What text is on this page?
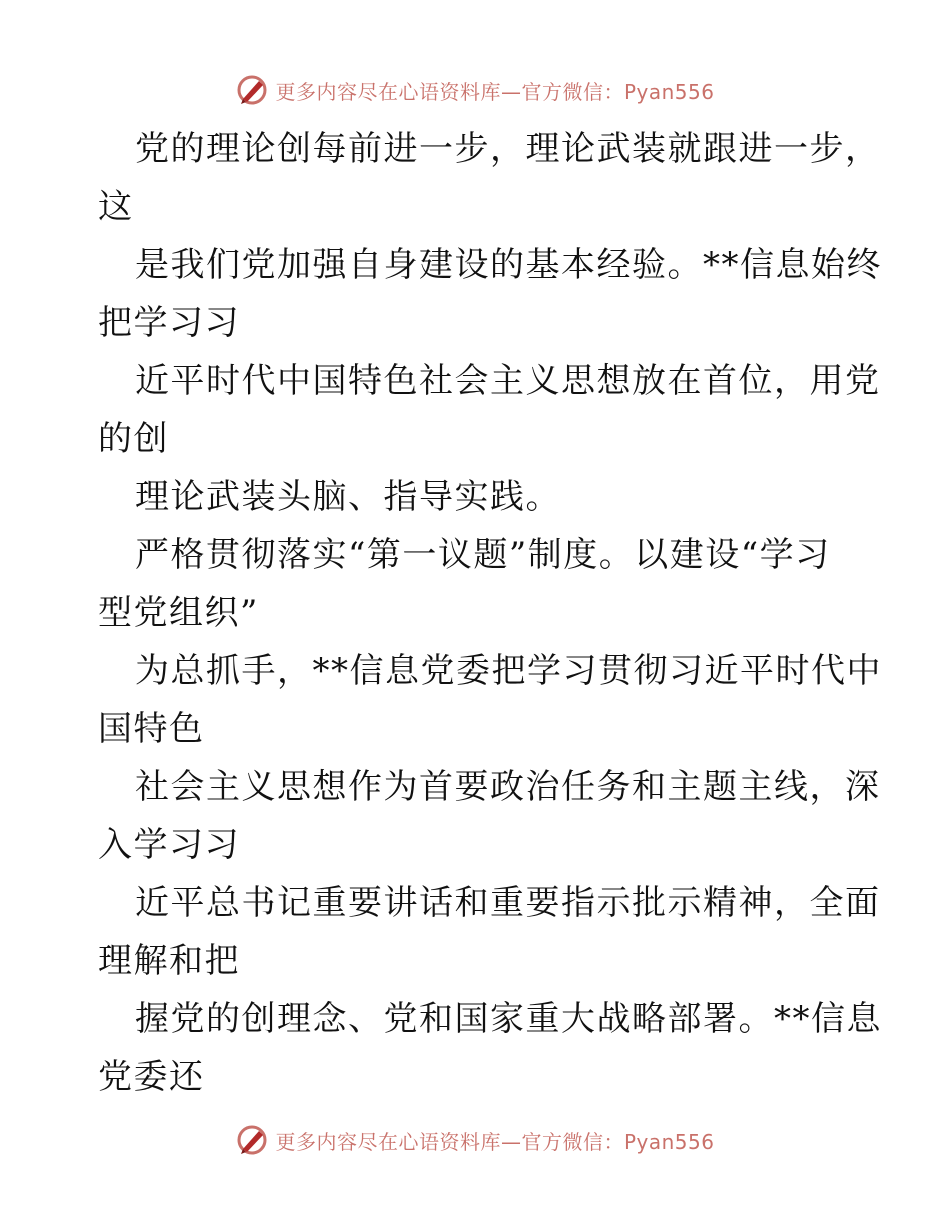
更多内容尽在心语资料库—官方微信：Pyan556
党的理论创每前进一步，理论武装就跟进一步，
这
是我们党加强自身建设的基本经验。**信息始终
把学习习
近平时代中国特色社会主义思想放在首位，用党
的创
理论武装头脑、指导实践。
严格贯彻落实“第一议题”制度。以建设“学习
型党组织”
为总抓手，**信息党委把学习贯彻习近平时代中
国特色
社会主义思想作为首要政治任务和主题主线，深
入学习习
近平总书记重要讲话和重要指示批示精神，全面
理解和把
握党的创理念、党和国家重大战略部署。**信息
党委还
更多内容尽在心语资料库—官方微信：Pyan556
